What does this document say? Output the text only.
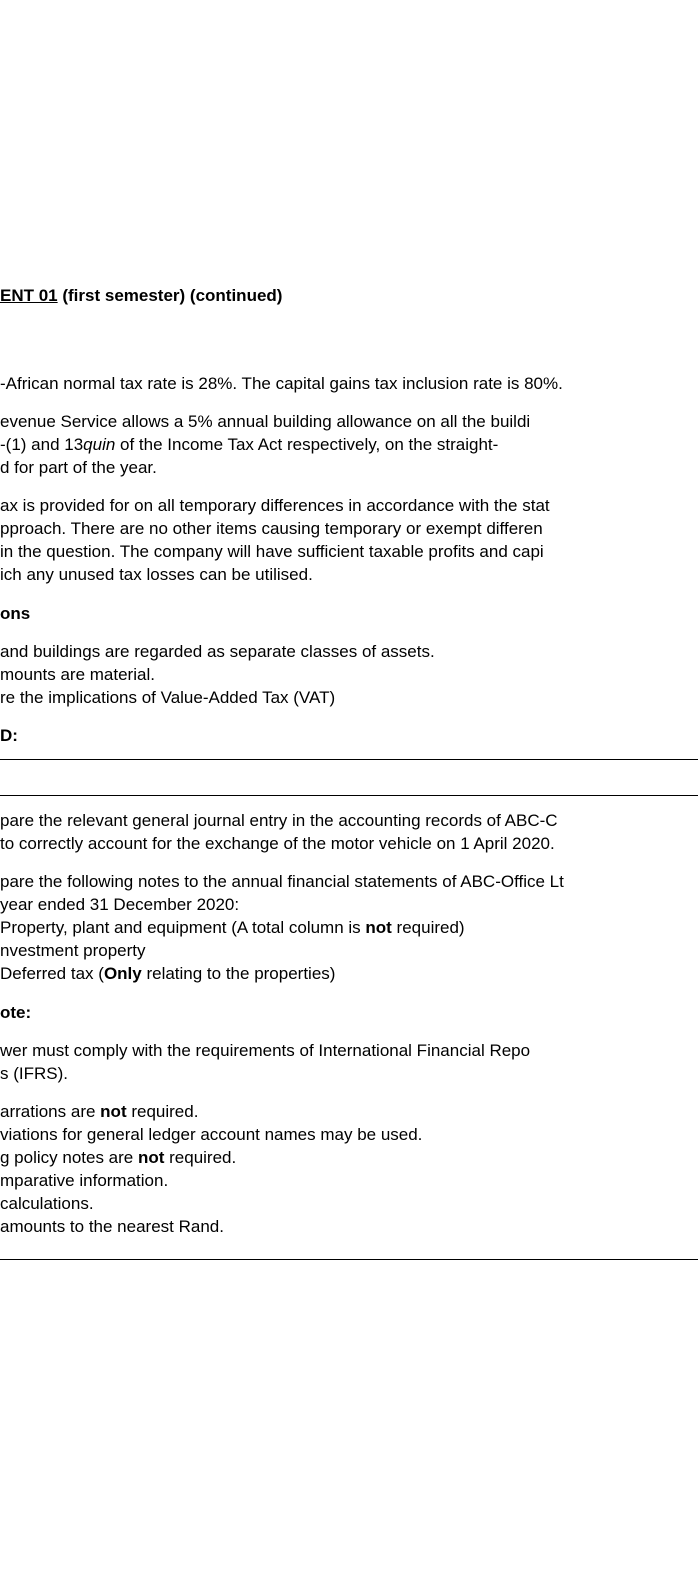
ENT 01 (first semester) (continued)

-African normal tax rate is 28%. The capital gains tax inclusion rate is 80%.

evenue Service allows a 5% annual building allowance on all the buildi

-(1) and 13quin of the Income Tax Act respectively, on the straight-

d for part of the year.

ax is provided for on all temporary differences in accordance with the stat

pproach. There are no other items causing temporary or exempt differen

in the question. The company will have sufficient taxable profits and capi

ich any unused tax losses can be utilised.

ons

and buildings are regarded as separate classes of assets.

mounts are material.

re the implications of Value-Added Tax (VAT)

D:

pare the relevant general journal entry in the accounting records of ABC-C

to correctly account for the exchange of the motor vehicle on 1 April 2020.

pare the following notes to the annual financial statements of ABC-Office Lt

year ended 31 December 2020:

Property, plant and equipment (A total column is not required)

nvestment property

Deferred tax (Only relating to the properties)

ote:

wer must comply with the requirements of International Financial Repo

s (IFRS).

arrations are not required.

viations for general ledger account names may be used.

g policy notes are not required.

mparative information.

calculations.

amounts to the nearest Rand.
